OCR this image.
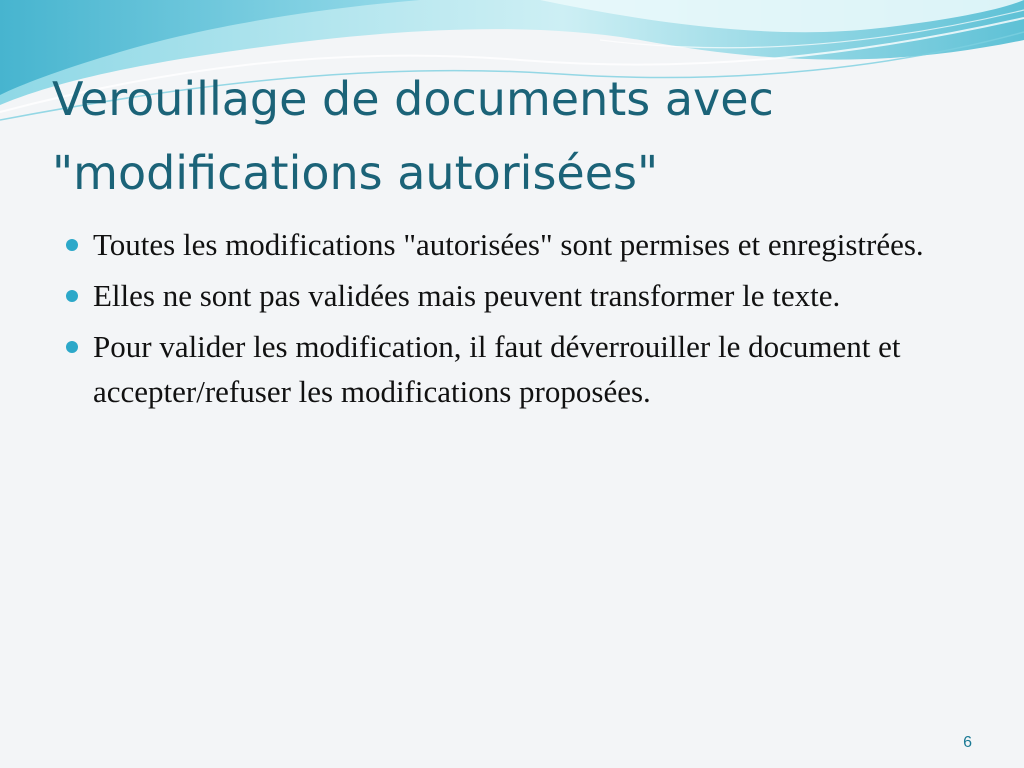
Verouillage de documents avec
"modifications autorisées"
Toutes les modifications "autorisées" sont permises et enregistrées.
Elles ne sont pas validées mais peuvent transformer le texte.
Pour valider les modification, il faut déverrouiller le document et accepter/refuser les modifications proposées.
6
